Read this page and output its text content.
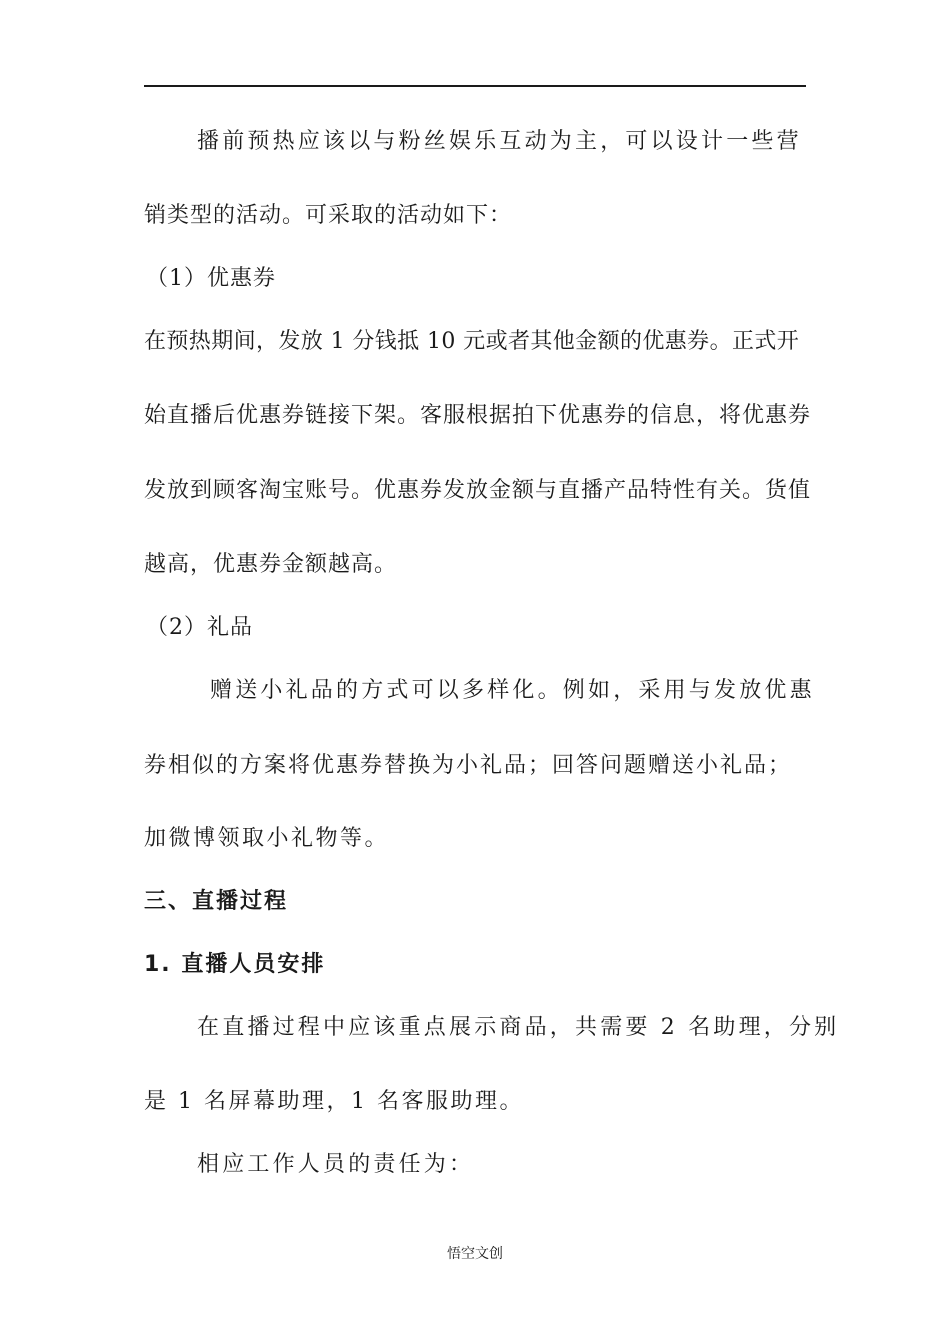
播前预热应该以与粉丝娱乐互动为主，可以设计一些营
销类型的活动。可采取的活动如下：
（1）优惠券
在预热期间，发放 1 分钱抵 10 元或者其他金额的优惠券。正式开
始直播后优惠券链接下架。客服根据拍下优惠券的信息，将优惠券
发放到顾客淘宝账号。优惠券发放金额与直播产品特性有关。货值
越高，优惠券金额越高。
（2）礼品
赠送小礼品的方式可以多样化。例如，采用与发放优惠
券相似的方案将优惠券替换为小礼品；回答问题赠送小礼品；
加微博领取小礼物等。
三、直播过程
1. 直播人员安排
在直播过程中应该重点展示商品，共需要 2 名助理，分别
是 1 名屏幕助理，1 名客服助理。
相应工作人员的责任为：
悟空文创
